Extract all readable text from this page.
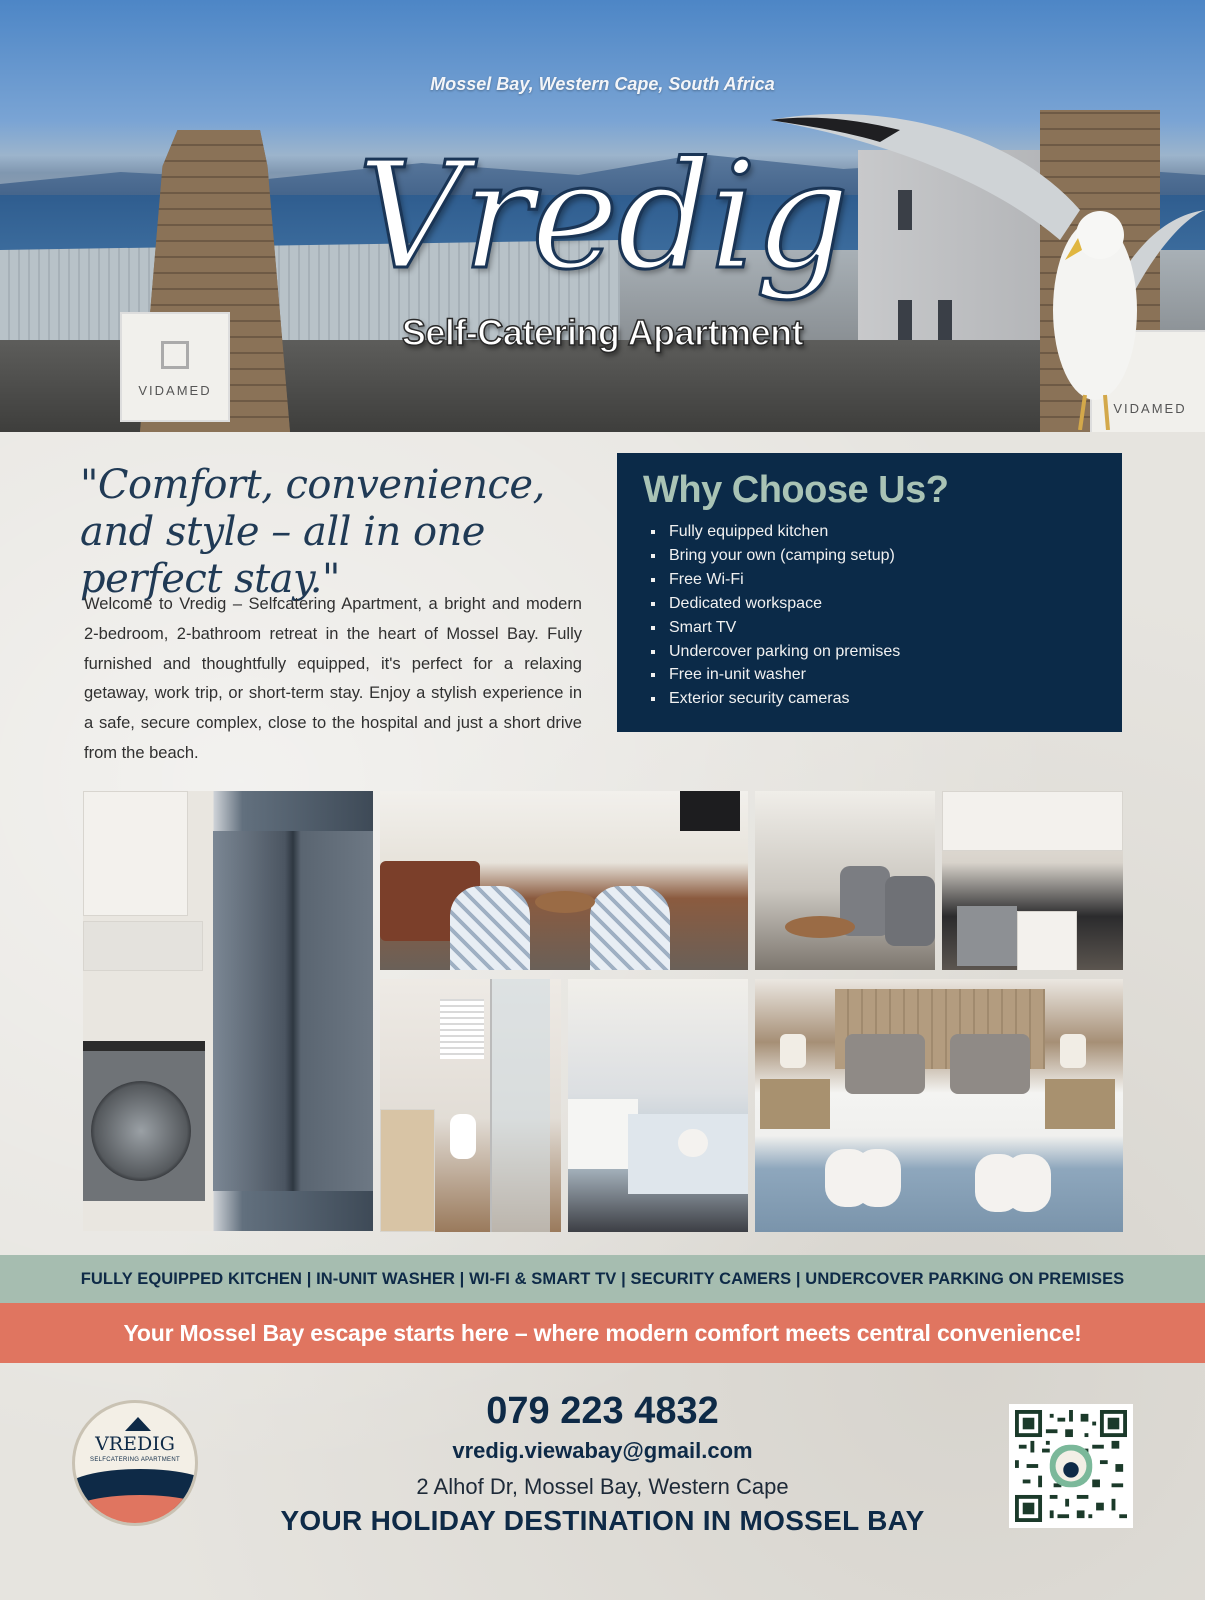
VIDAMED
VIDAMED
Mossel Bay, Western Cape, South Africa
Vredig
Self-Catering Apartment
"Comfort, convenience, and style – all in one perfect stay."
Welcome to Vredig – Selfcatering Apartment, a bright and modern 2-bedroom, 2-bathroom retreat in the heart of Mossel Bay. Fully furnished and thoughtfully equipped, it's perfect for a relaxing getaway, work trip, or short-term stay. Enjoy a stylish experience in a safe, secure complex, close to the hospital and just a short drive from the beach.
Why Choose Us?
Fully equipped kitchen
Bring your own (camping setup)
Free Wi-Fi
Dedicated workspace
Smart TV
Undercover parking on premises
Free in-unit washer
Exterior security cameras
FULLY EQUIPPED KITCHEN | IN-UNIT WASHER | WI-FI & SMART TV | SECURITY CAMERS | UNDERCOVER PARKING ON PREMISES
Your Mossel Bay escape starts here – where modern comfort meets central convenience!
VREDIG
SELFCATERING APARTMENT
079 223 4832
vredig.viewabay@gmail.com
2 Alhof Dr, Mossel Bay, Western Cape
YOUR HOLIDAY DESTINATION IN MOSSEL BAY
